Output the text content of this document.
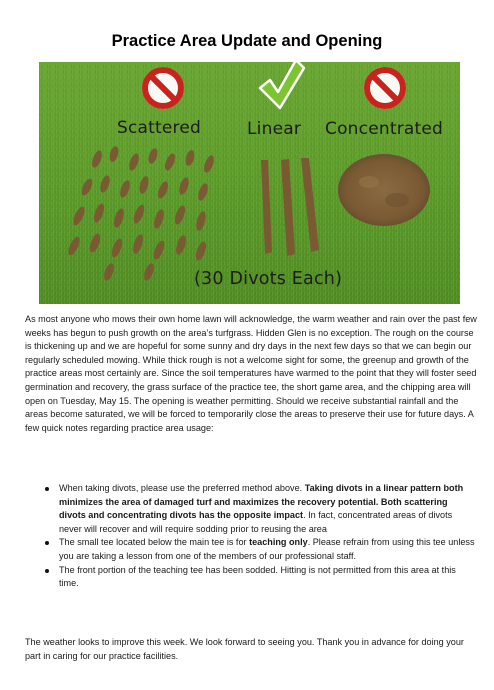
Practice Area Update and Opening
Scattered	Linear Concentrated
(30 Divots Each)

As most anyone who mows their own home lawn will acknowledge, the warm weather and rain over the past few weeks has begun to push growth on the area’s turfgrass. Hidden Glen is no exception. The rough on the course is thickening up and we are hopeful for some sunny and dry days in the next few days so that we can begin our regularly scheduled mowing. While thick rough is not a welcome sight for some, the greenup and growth of the practice areas most certainly are. Since the soil temperatures have warmed to the point that they will foster seed germination and recovery, the grass surface of the practice tee, the short game area, and the chipping area will open on Tuesday, May 15. The opening is weather permitting. Should we receive substantial rainfall and the areas become saturated, we will be forced to temporarily close the areas to preserve their use for future days. A few quick notes regarding practice area usage:

When taking divots, please use the preferred method above. Taking divots in a linear pattern both minimizes the area of damaged turf and maximizes the recovery potential. Both scattering divots and concentrating divots has the opposite impact. In fact, concentrated areas of divots never will recover and will require sodding prior to reusing the area
The small tee located below the main tee is for teaching only. Please refrain from using this tee unless you are taking a lesson from one of the members of our professional staff.
The front portion of the teaching tee has been sodded. Hitting is not permitted from this area at this time.

The weather looks to improve this week. We look forward to seeing you. Thank you in advance for doing your part in caring for our practice facilities.
